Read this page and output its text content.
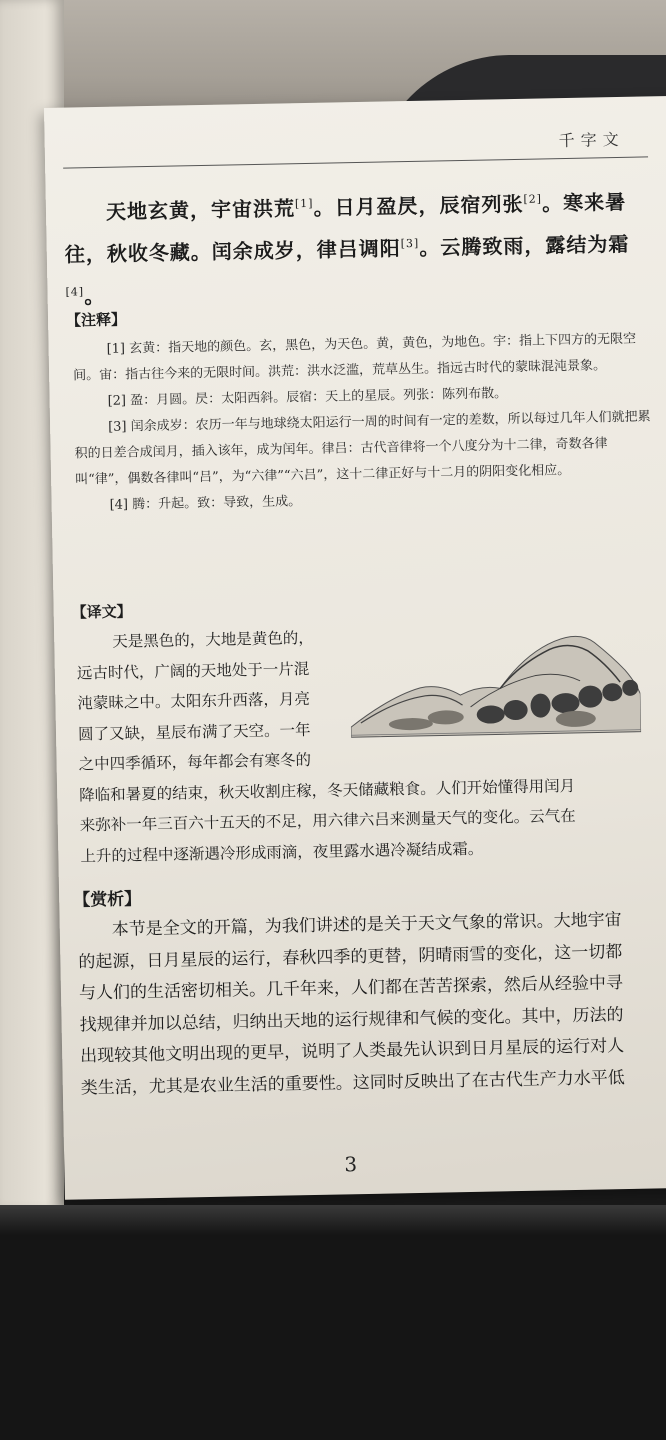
千字文
天地玄黄，宇宙洪荒[1]。日月盈昃，辰宿列张[2]。寒来暑往，秋收冬藏。闰余成岁，律吕调阳[3]。云腾致雨，露结为霜[4]。
【注释】

[1] 玄黄：指天地的颜色。玄，黑色，为天色。黄，黄色，为地色。宇：指上下四方的无限空间。宙：指古往今来的无限时间。洪荒：洪水泛滥，荒草丛生。指远古时代的蒙昧混沌景象。

[2] 盈：月圆。昃：太阳西斜。辰宿：天上的星辰。列张：陈列布散。

[3] 闰余成岁：农历一年与地球绕太阳运行一周的时间有一定的差数，所以每过几年人们就把累积的日差合成闰月，插入该年，成为闰年。律吕：古代音律将一个八度分为十二律，奇数各律叫“律”，偶数各律叫“吕”，为“六律”“六吕”，这十二律正好与十二月的阴阳变化相应。

[4] 腾：升起。致：导致，生成。

【译文】
天是黑色的，大地是黄色的，
远古时代，广阔的天地处于一片混
沌蒙昧之中。太阳东升西落，月亮
圆了又缺，星辰布满了天空。一年
之中四季循环，每年都会有寒冬的
降临和暑夏的结束，秋天收割庄稼，冬天储藏粮食。人们开始懂得用闰月
来弥补一年三百六十五天的不足，用六律六吕来测量天气的变化。云气在
上升的过程中逐渐遇冷形成雨滴，夜里露水遇冷凝结成霜。
【赏析】
本节是全文的开篇，为我们讲述的是关于天文气象的常识。大地宇宙
的起源，日月星辰的运行，春秋四季的更替，阴晴雨雪的变化，这一切都
与人们的生活密切相关。几千年来，人们都在苦苦探索，然后从经验中寻
找规律并加以总结，归纳出天地的运行规律和气候的变化。其中，历法的
出现较其他文明出现的更早，说明了人类最先认识到日月星辰的运行对人
类生活，尤其是农业生活的重要性。这同时反映出了在古代生产力水平低
3
